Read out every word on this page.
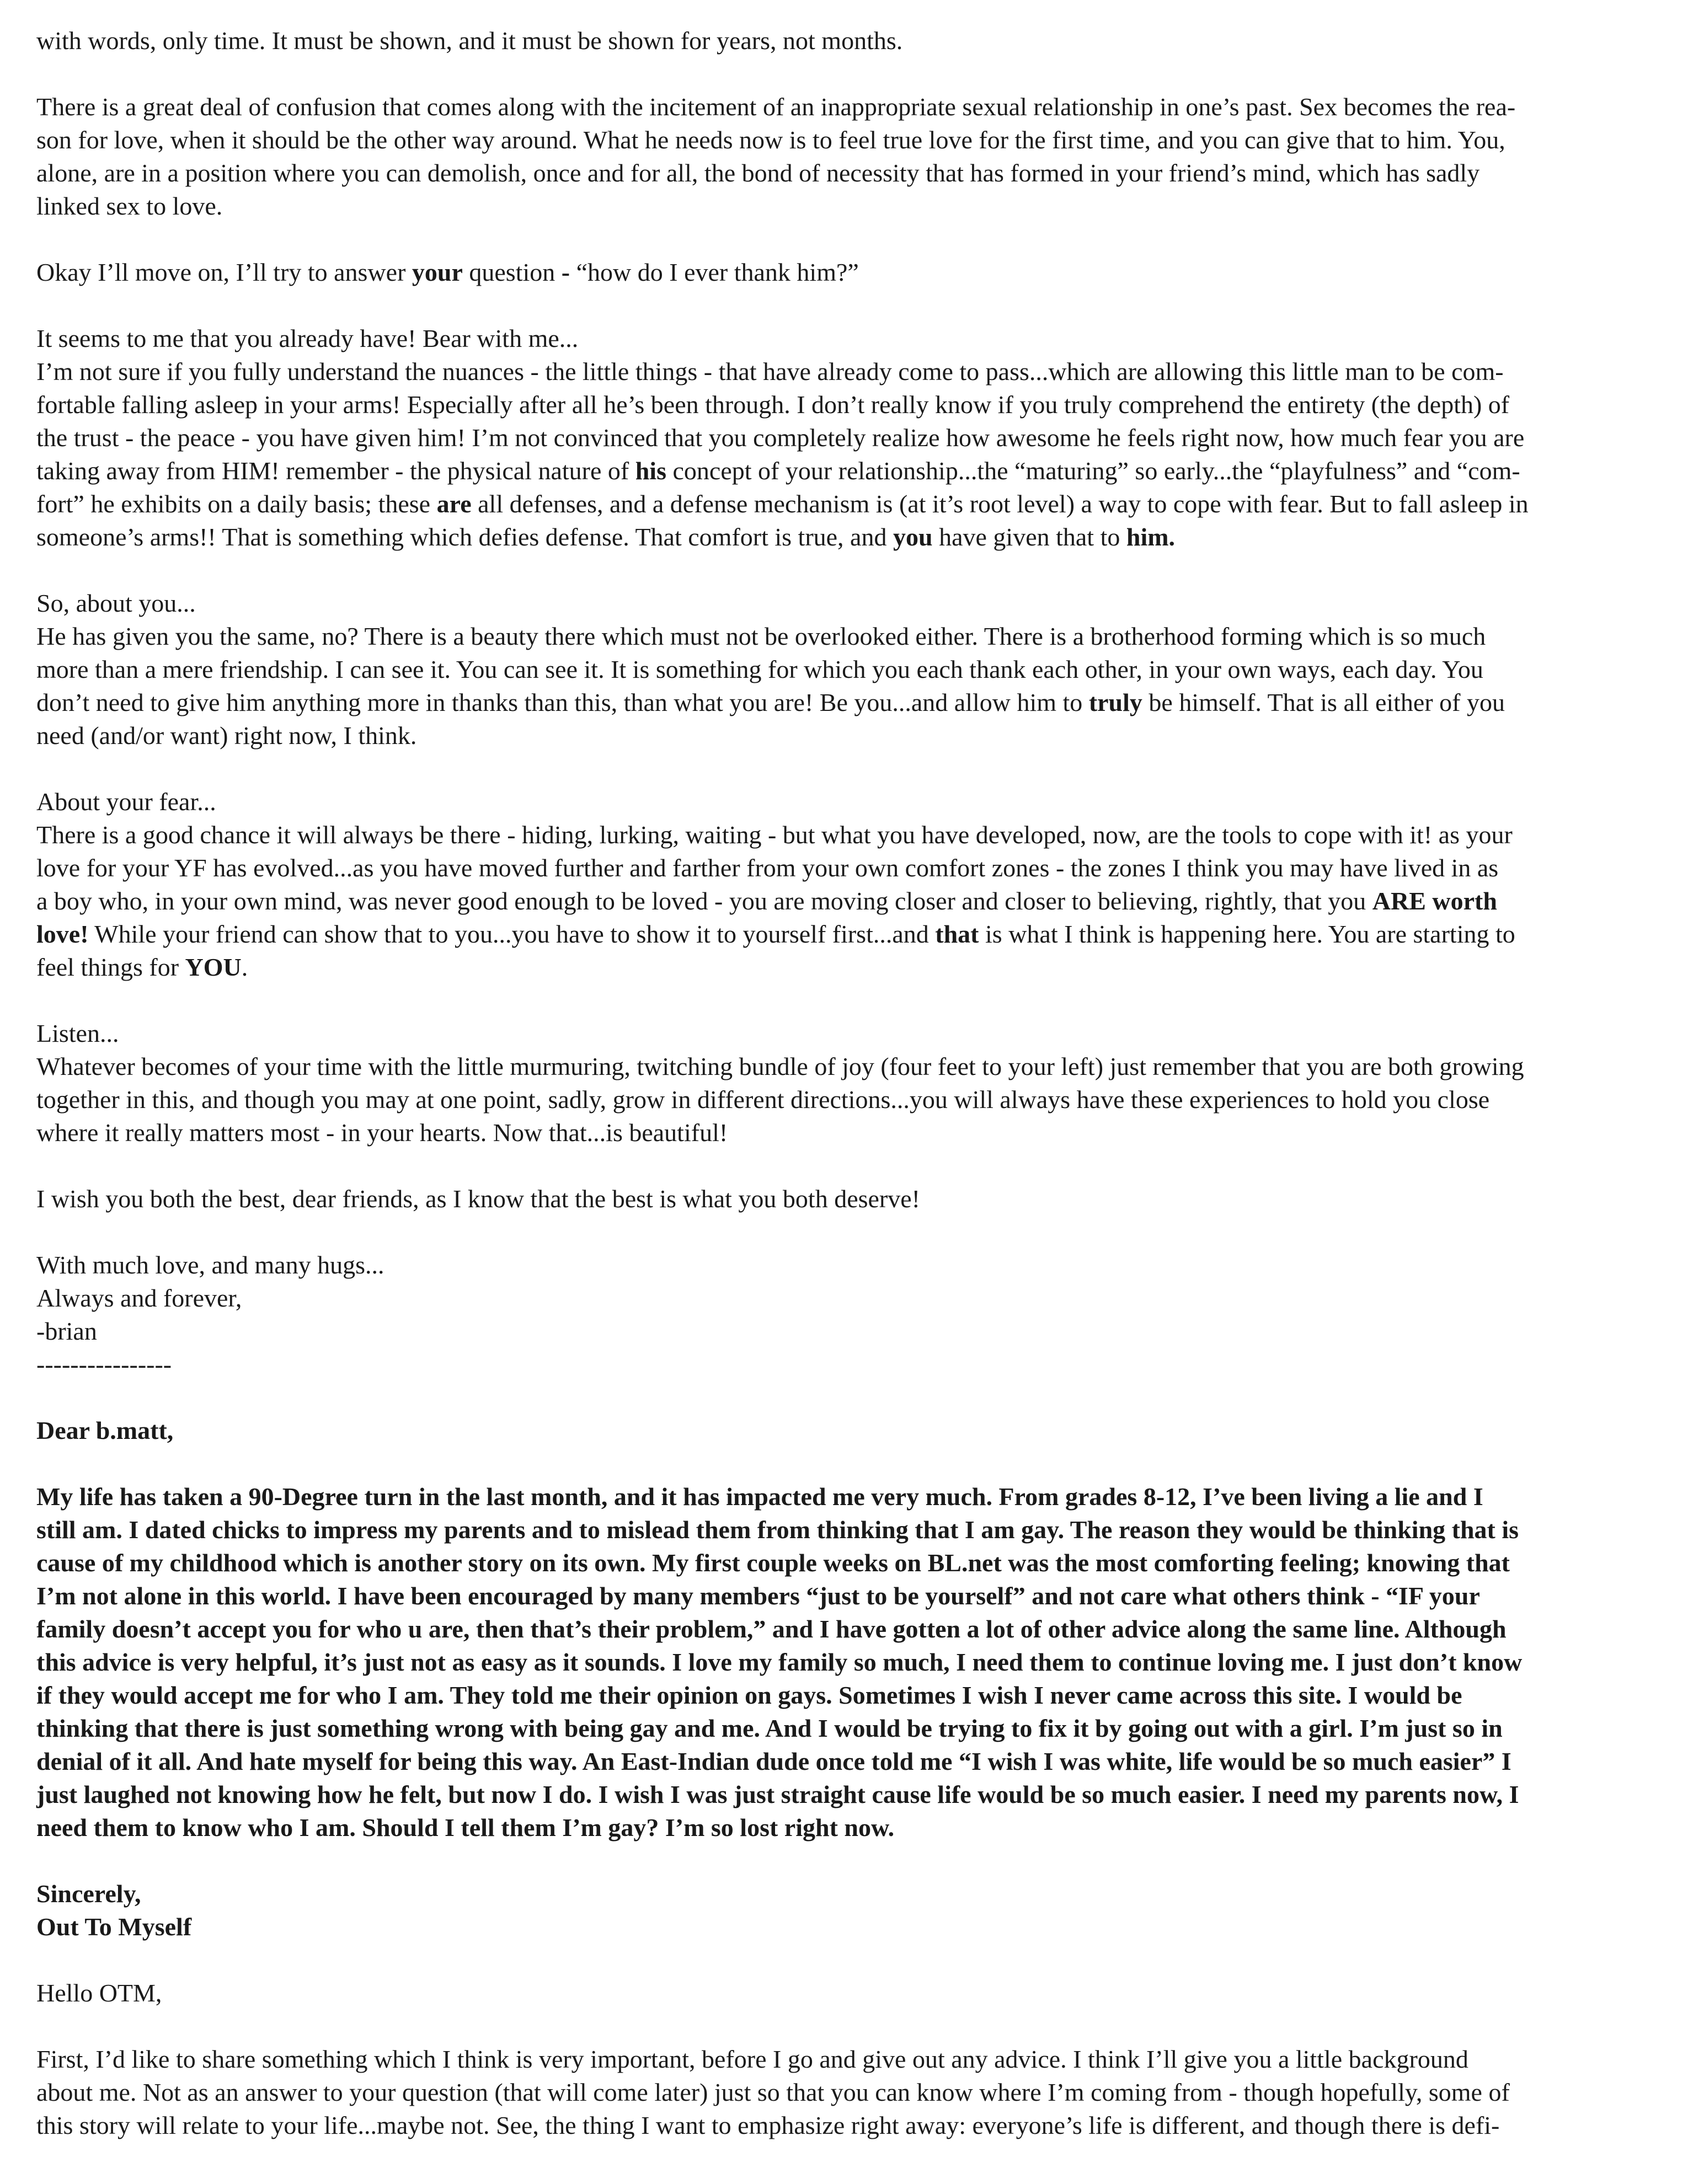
with words, only time. It must be shown, and it must be shown for years, not months.
There is a great deal of confusion that comes along with the incitement of an inappropriate sexual relationship in one’s past. Sex becomes the rea-
son for love, when it should be the other way around. What he needs now is to feel true love for the first time, and you can give that to him. You,
alone, are in a position where you can demolish, once and for all, the bond of necessity that has formed in your friend’s mind, which has sadly
linked sex to love.
Okay I’ll move on, I’ll try to answer your question - “how do I ever thank him?”
It seems to me that you already have! Bear with me...
I’m not sure if you fully understand the nuances - the little things - that have already come to pass...which are allowing this little man to be com-
fortable falling asleep in your arms! Especially after all he’s been through. I don’t really know if you truly comprehend the entirety (the depth) of
the trust - the peace - you have given him! I’m not convinced that you completely realize how awesome he feels right now, how much fear you are
taking away from HIM! remember - the physical nature of his concept of your relationship...the “maturing” so early...the “playfulness” and “com-
fort” he exhibits on a daily basis; these are all defenses, and a defense mechanism is (at it’s root level) a way to cope with fear. But to fall asleep in
someone’s arms!! That is something which defies defense. That comfort is true, and you have given that to him.
So, about you...
He has given you the same, no? There is a beauty there which must not be overlooked either. There is a brotherhood forming which is so much
more than a mere friendship. I can see it. You can see it. It is something for which you each thank each other, in your own ways, each day. You
don’t need to give him anything more in thanks than this, than what you are! Be you...and allow him to truly be himself. That is all either of you
need (and/or want) right now, I think.
About your fear...
There is a good chance it will always be there - hiding, lurking, waiting - but what you have developed, now, are the tools to cope with it! as your
love for your YF has evolved...as you have moved further and farther from your own comfort zones - the zones I think you may have lived in as
a boy who, in your own mind, was never good enough to be loved - you are moving closer and closer to believing, rightly, that you ARE worth
love! While your friend can show that to you...you have to show it to yourself first...and that is what I think is happening here. You are starting to
feel things for YOU.
Listen...
Whatever becomes of your time with the little murmuring, twitching bundle of joy (four feet to your left) just remember that you are both growing
together in this, and though you may at one point, sadly, grow in different directions...you will always have these experiences to hold you close
where it really matters most - in your hearts. Now that...is beautiful!
I wish you both the best, dear friends, as I know that the best is what you both deserve!
With much love, and many hugs...
Always and forever,
-brian
----------------
Dear b.matt,
My life has taken a 90-Degree turn in the last month, and it has impacted me very much. From grades 8-12, I’ve been living a lie and I
still am. I dated chicks to impress my parents and to mislead them from thinking that I am gay. The reason they would be thinking that is
cause of my childhood which is another story on its own. My first couple weeks on BL.net was the most comforting feeling; knowing that
I’m not alone in this world. I have been encouraged by many members “just to be yourself” and not care what others think - “IF your
family doesn’t accept you for who u are, then that’s their problem,” and I have gotten a lot of other advice along the same line. Although
this advice is very helpful, it’s just not as easy as it sounds. I love my family so much, I need them to continue loving me. I just don’t know
if they would accept me for who I am. They told me their opinion on gays. Sometimes I wish I never came across this site. I would be
thinking that there is just something wrong with being gay and me. And I would be trying to fix it by going out with a girl. I’m just so in
denial of it all. And hate myself for being this way. An East-Indian dude once told me “I wish I was white, life would be so much easier” I
just laughed not knowing how he felt, but now I do. I wish I was just straight cause life would be so much easier. I need my parents now, I
need them to know who I am. Should I tell them I’m gay? I’m so lost right now.
Sincerely,
Out To Myself
Hello OTM,
First, I’d like to share something which I think is very important, before I go and give out any advice. I think I’ll give you a little background
about me. Not as an answer to your question (that will come later) just so that you can know where I’m coming from - though hopefully, some of
this story will relate to your life...maybe not. See, the thing I want to emphasize right away: everyone’s life is different, and though there is defi-
